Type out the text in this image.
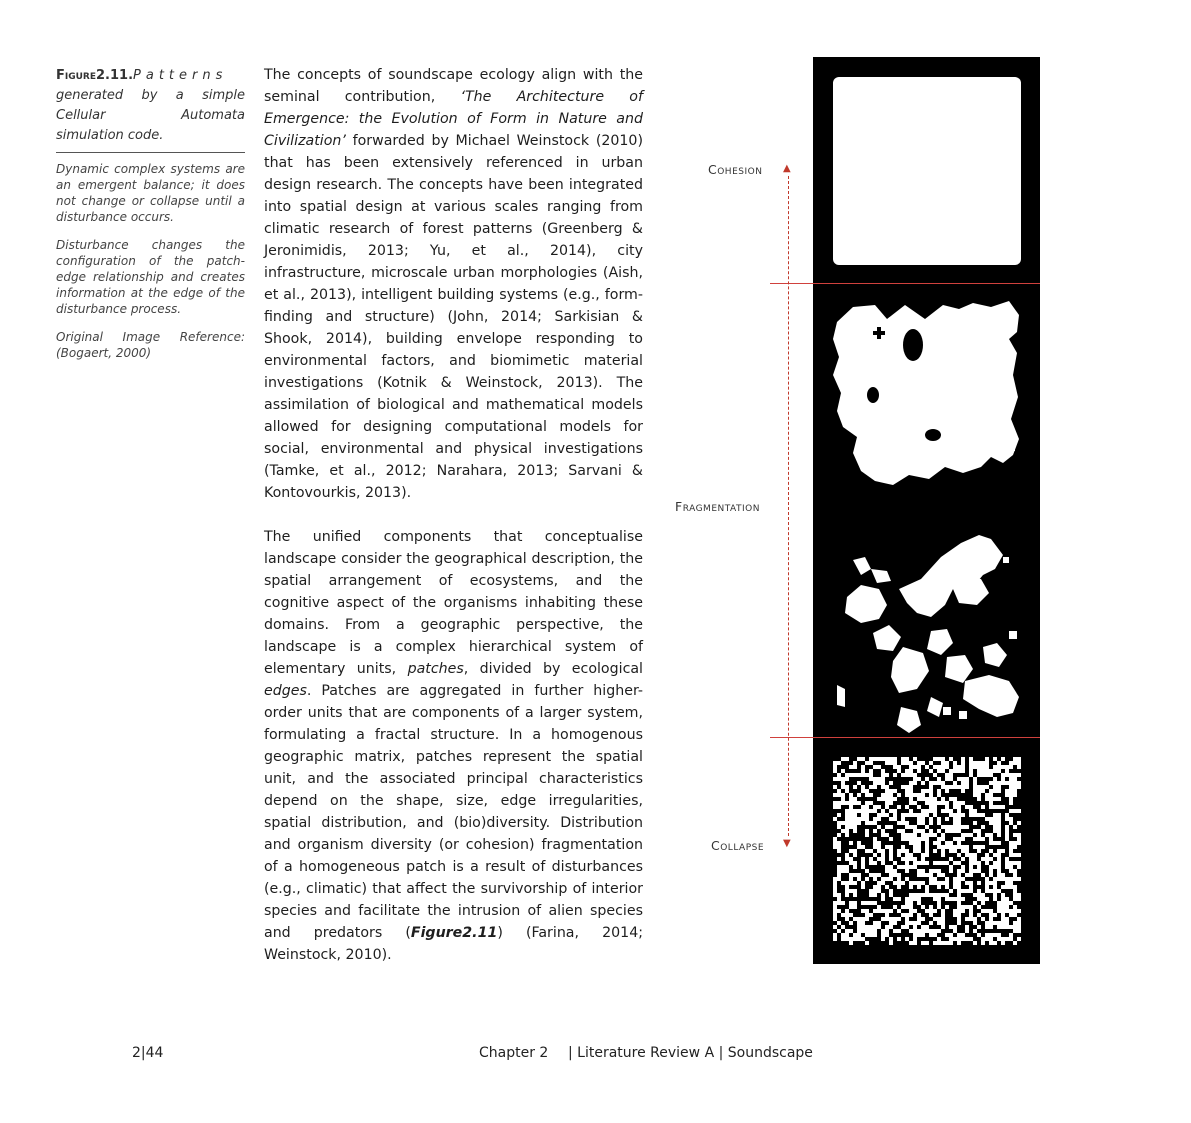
Figure2.11.Patterns generated by a simple Cellular Automata simulation code.

Dynamic complex systems are an emergent balance; it does not change or collapse until a disturbance occurs.

Disturbance changes the configuration of the patch-edge relationship and creates information at the edge of the disturbance process.

Original Image Reference: (Bogaert, 2000)

The concepts of soundscape ecology align with the seminal contribution, ‘The Architecture of Emergence: the Evolution of Form in Nature and Civilization’ forwarded by Michael Weinstock (2010) that has been extensively referenced in urban design research. The concepts have been integrated into spatial design at various scales ranging from climatic research of forest patterns (Greenberg & Jeronimidis, 2013; Yu, et al., 2014), city infrastructure, microscale urban morphologies (Aish, et al., 2013), intelligent building systems (e.g., form-finding and structure) (John, 2014; Sarkisian & Shook, 2014), building envelope responding to environmental factors, and biomimetic material investigations (Kotnik & Weinstock, 2013). The assimilation of biological and mathematical models allowed for designing computational models for social, environmental and physical investigations (Tamke, et al., 2012; Narahara, 2013; Sarvani & Kontovourkis, 2013).

The unified components that conceptualise landscape consider the geographical description, the spatial arrangement of ecosystems, and the cognitive aspect of the organisms inhabiting these domains. From a geographic perspective, the landscape is a complex hierarchical system of elementary units, patches, divided by ecological edges. Patches are aggregated in further higher-order units that are components of a larger system, formulating a fractal structure. In a homogenous geographic matrix, patches represent the spatial unit, and the associated principal characteristics depend on the shape, size, edge irregularities, spatial distribution, and (bio)diversity. Distribution and organism diversity (or cohesion) fragmentation of a homogeneous patch is a result of disturbances (e.g., climatic) that affect the survivorship of interior species and facilitate the intrusion of alien species and predators (Figure2.11) (Farina, 2014; Weinstock, 2010).

Cohesion
Fragmentation
Collapse
▲
▼
2|44	Chapter 2 | Literature Review A | Soundscape
